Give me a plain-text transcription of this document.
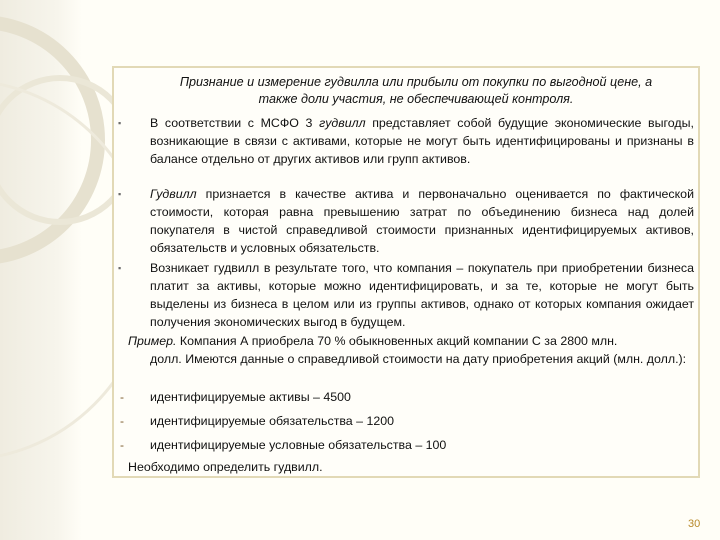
Признание и измерение гудвилла или прибыли от покупки по выгодной цене, а
также доли участия, не обеспечивающей контроля.
▪ В соответствии с МСФО 3 гудвилл представляет собой будущие экономические выгоды, возникающие в связи с активами, которые не могут быть идентифицированы и признаны в балансе отдельно от других активов или групп активов.
▪ Гудвилл признается в качестве актива и первоначально оценивается по фактической стоимости, которая равна превышению затрат по объединению бизнеса над долей покупателя в чистой справедливой стоимости признанных идентифицируемых активов, обязательств и условных обязательств.
▪ Возникает гудвилл в результате того, что компания – покупатель при приобретении бизнеса платит за активы, которые можно идентифицировать, и за те, которые не могут быть выделены из бизнеса в целом или из группы активов, однако от которых компания ожидает получения экономических выгод в будущем.
Пример. Компания А приобрела 70 % обыкновенных акций компании С за 2800 млн.
долл. Имеются данные о справедливой стоимости на дату приобретения акций (млн. долл.):
- идентифицируемые активы – 4500
- идентифицируемые обязательства – 1200
- идентифицируемые условные обязательства – 100
Необходимо определить гудвилл.
30
